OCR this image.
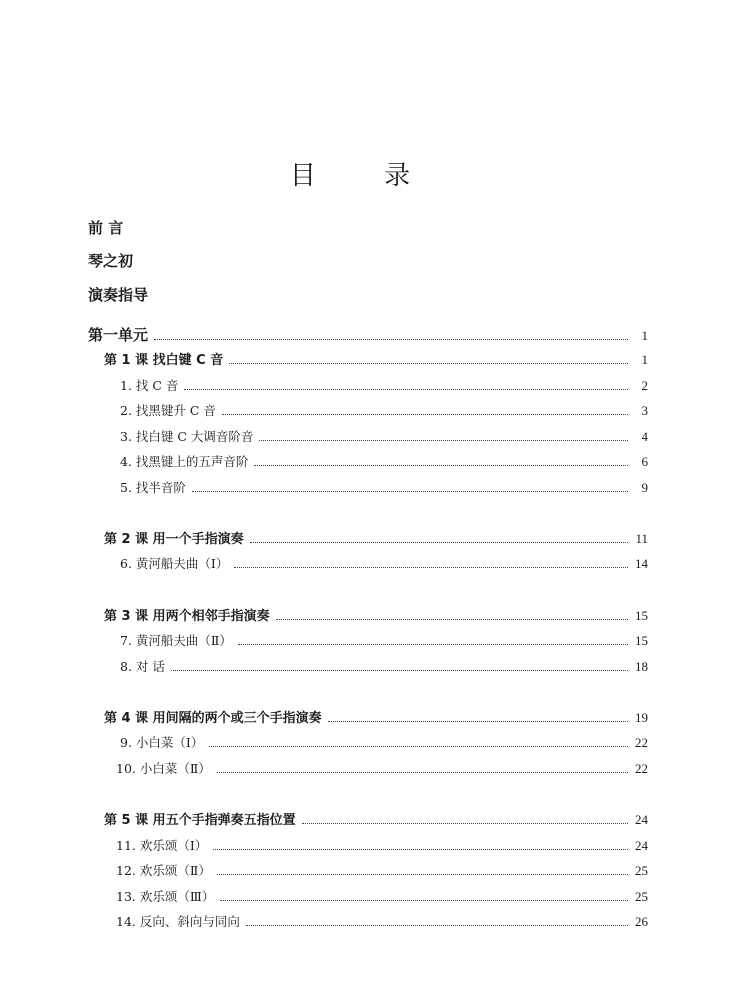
目 录
前 言
琴之初
演奏指导
第一单元	1
第 1 课 找白键 C 音	1
1. 找 C 音	2
2. 找黑键升 C 音	3
3. 找白键 C 大调音阶音	4
4. 找黑键上的五声音阶	6
5. 找半音阶	9
第 2 课 用一个手指演奏	11
6. 黄河船夫曲（Ⅰ）	14
第 3 课 用两个相邻手指演奏	15
7. 黄河船夫曲（Ⅱ）	15
8. 对 话	18
第 4 课 用间隔的两个或三个手指演奏	19
9. 小白菜（Ⅰ）	22
10. 小白菜（Ⅱ）	22
第 5 课 用五个手指弹奏五指位置	24
11. 欢乐颂（Ⅰ）	24
12. 欢乐颂（Ⅱ）	25
13. 欢乐颂（Ⅲ）	25
14. 反向、斜向与同向	26
